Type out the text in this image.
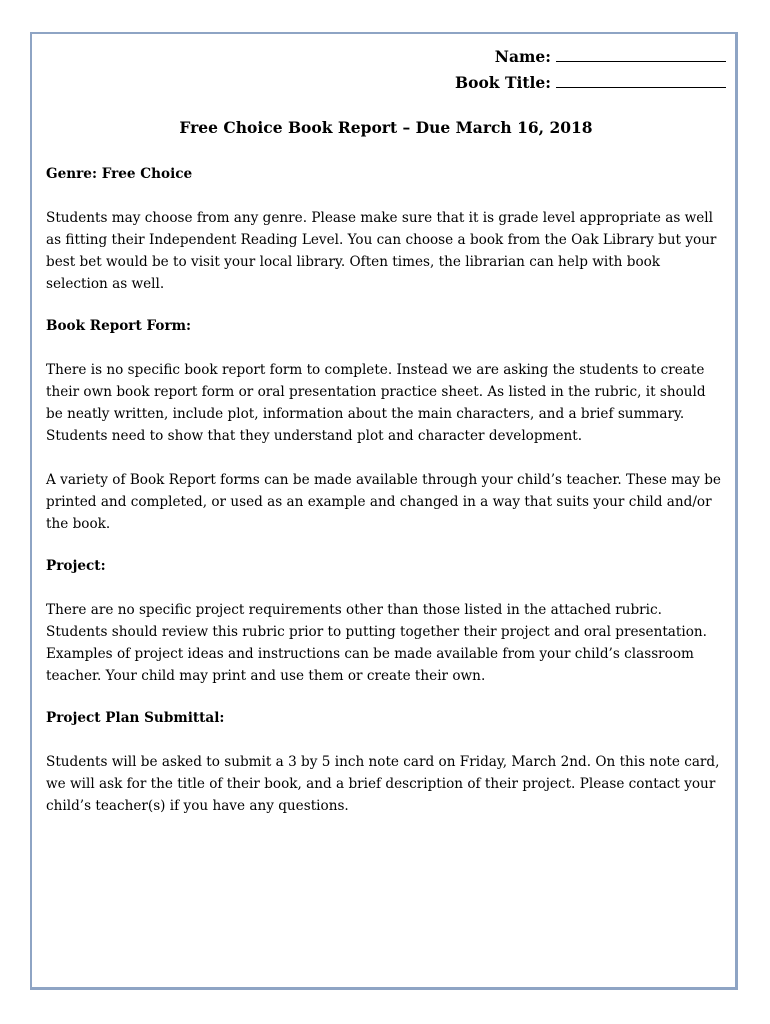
Name:
Book Title:
Free Choice Book Report – Due March 16, 2018

Genre: Free Choice

Students may choose from any genre. Please make sure that it is grade level appropriate as well as fitting their Independent Reading Level. You can choose a book from the Oak Library but your best bet would be to visit your local library. Often times, the librarian can help with book selection as well.

Book Report Form:

There is no specific book report form to complete. Instead we are asking the students to create their own book report form or oral presentation practice sheet. As listed in the rubric, it should be neatly written, include plot, information about the main characters, and a brief summary. Students need to show that they understand plot and character development.

A variety of Book Report forms can be made available through your child’s teacher. These may be printed and completed, or used as an example and changed in a way that suits your child and/or the book.

Project:

There are no specific project requirements other than those listed in the attached rubric. Students should review this rubric prior to putting together their project and oral presentation. Examples of project ideas and instructions can be made available from your child’s classroom teacher. Your child may print and use them or create their own.

Project Plan Submittal:

Students will be asked to submit a 3 by 5 inch note card on Friday, March 2nd. On this note card, we will ask for the title of their book, and a brief description of their project. Please contact your child’s teacher(s) if you have any questions.
